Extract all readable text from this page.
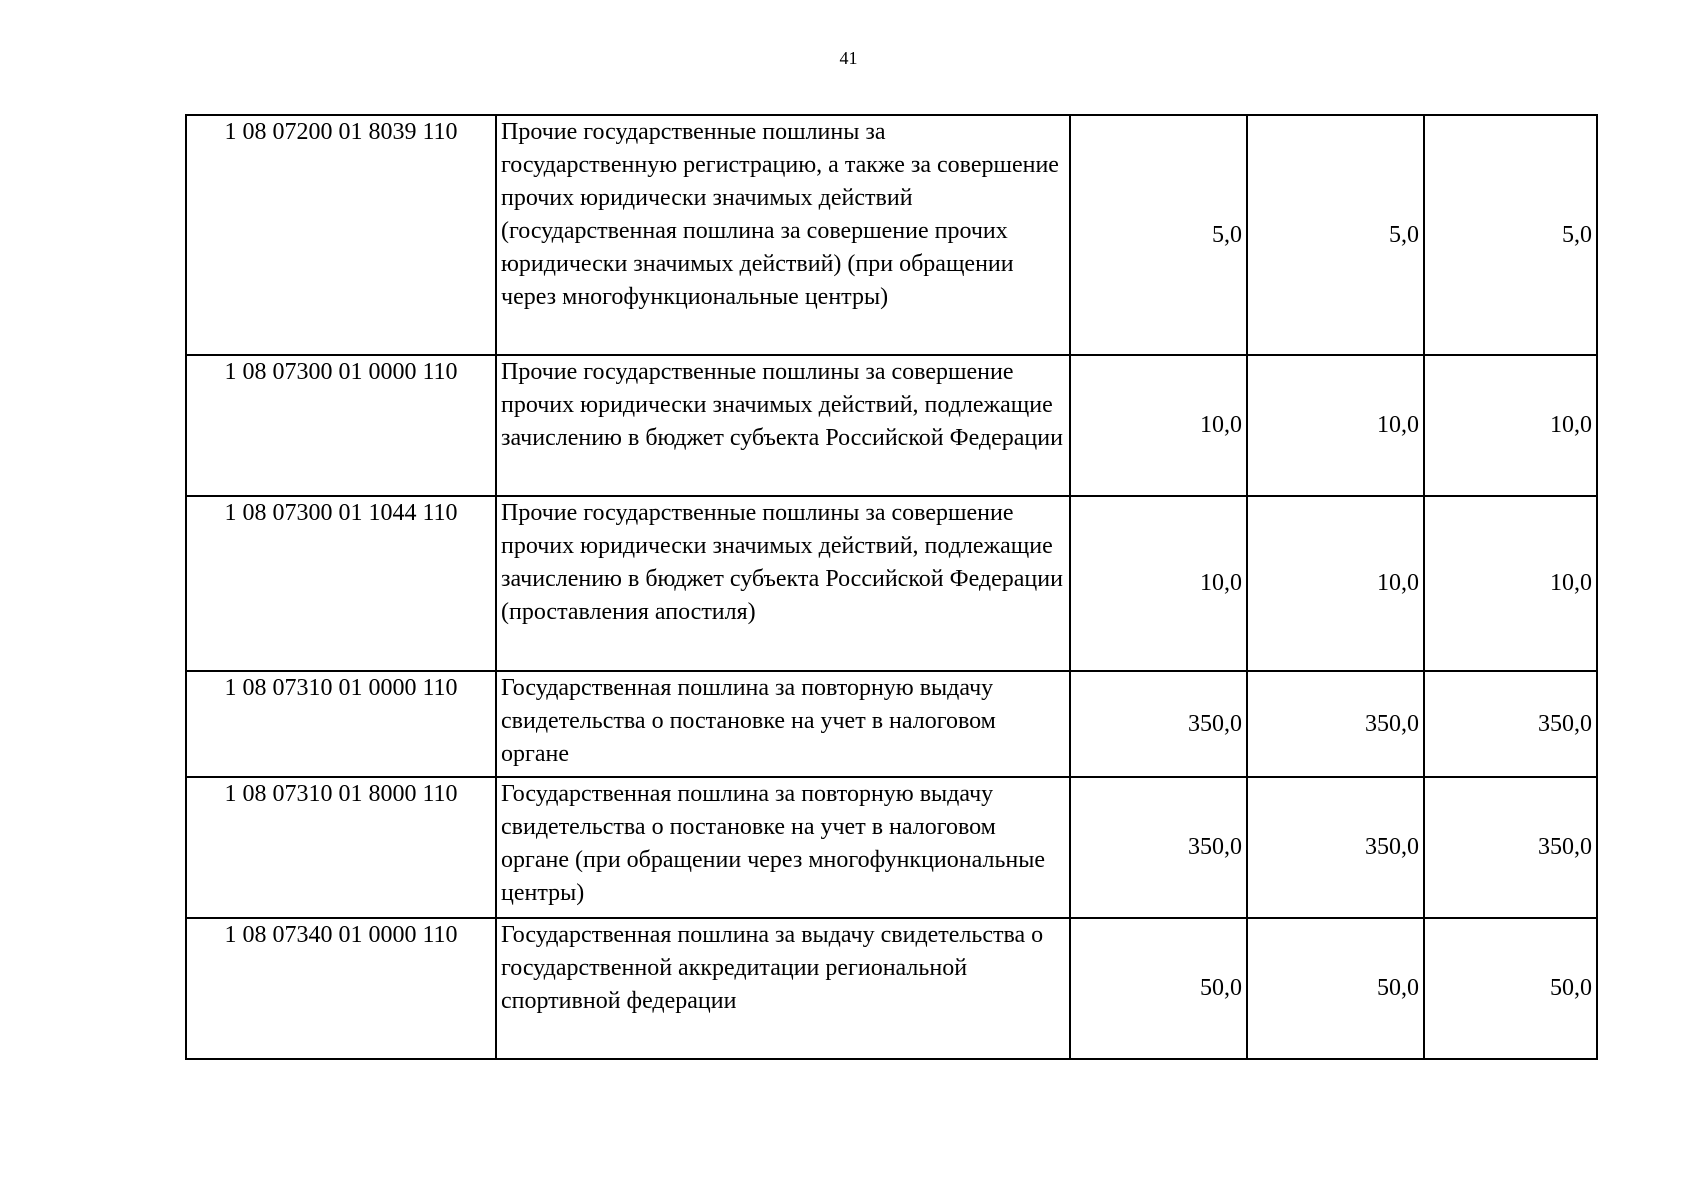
41
1 08 07200 01 8039 110	Прочие государственные пошлины за государственную регистрацию, а также за совершение прочих юридически значимых действий (государственная пошлина за совершение прочих юридически значимых действий) (при обращении через многофункциональные центры)	5,0	5,0	5,0
1 08 07300 01 0000 110	Прочие государственные пошлины за совершение прочих юридически значимых действий, подлежащие зачислению в бюджет субъекта Российской Федерации	10,0	10,0	10,0
1 08 07300 01 1044 110	Прочие государственные пошлины за совершение прочих юридически значимых действий, подлежащие зачислению в бюджет субъекта Российской Федерации (проставления апостиля)	10,0	10,0	10,0
1 08 07310 01 0000 110	Государственная пошлина за повторную выдачу свидетельства о постановке на учет в налоговом органе	350,0	350,0	350,0
1 08 07310 01 8000 110	Государственная пошлина за повторную выдачу свидетельства о постановке на учет в налоговом органе (при обращении через многофункциональные центры)	350,0	350,0	350,0
1 08 07340 01 0000 110	Государственная пошлина за выдачу свидетельства о государственной аккредитации региональной спортивной федерации	50,0	50,0	50,0
